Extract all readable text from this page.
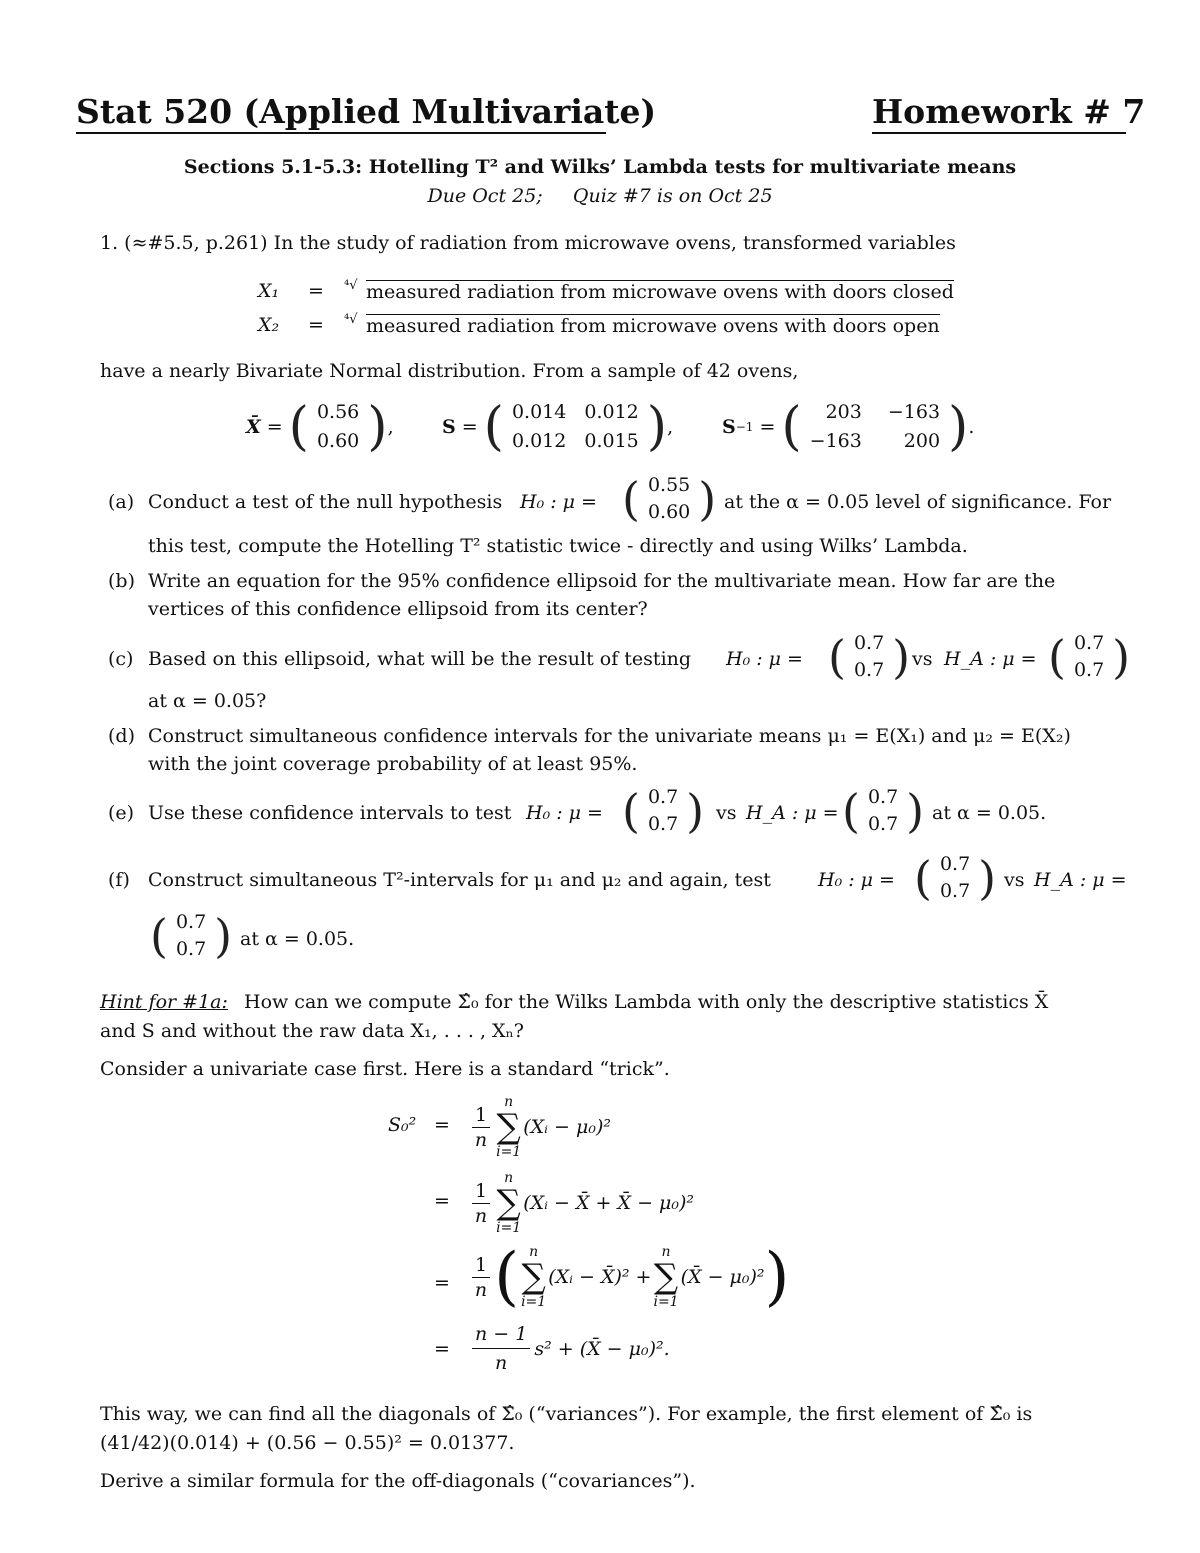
Stat 520 (Applied Multivariate)	Homework # 7
Sections 5.1-5.3: Hotelling T² and Wilks’ Lambda tests for multivariate means
Due Oct 25;     Quiz #7 is on Oct 25
1. (≈#5.5, p.261) In the study of radiation from microwave ovens, transformed variables
X₁ = ⁴√ measured radiation from microwave ovens with doors closed
X₂ = ⁴√ measured radiation from microwave ovens with doors open
have a nearly Bivariate Normal distribution. From a sample of 42 ovens,
X̄ = ( 0.56
0.60 ) ,	S = ( 0.014 0.012
0.012 0.015 ) ,	S −1 = (	203 −163
−163	200 ) .
(a) Conduct a test of the null hypothesis H₀ : μ = ( 0.55
0.60 ) at the α = 0.05 level of significance. For
this test, compute the Hotelling T² statistic twice - directly and using Wilks’ Lambda.
(b) Write an equation for the 95% confidence ellipsoid for the multivariate mean. How far are the
vertices of this confidence ellipsoid from its center?
(c) Based on this ellipsoid, what will be the result of testing H₀ : μ = ( 0.7
0.7 ) vs H_A : μ = ( 0.7
0.7 )
at α = 0.05?
(d) Construct simultaneous confidence intervals for the univariate means μ₁ = E(X₁) and μ₂ = E(X₂)
with the joint coverage probability of at least 95%.
(e) Use these confidence intervals to test H₀ : μ = ( 0.7
0.7 ) vs H_A : μ = ( 0.7
0.7 ) at α = 0.05.
(f) Construct simultaneous T²-intervals for μ₁ and μ₂ and again, test H₀ : μ = ( 0.7
0.7 ) vs H_A : μ =
( 0.7
0.7 ) at α = 0.05.
Hint for #1a: How can we compute Σ̂₀ for the Wilks Lambda with only the descriptive statistics X̄
and S and without the raw data X₁, . . . , Xₙ?
Consider a univariate case first. Here is a standard “trick”.
$S_0^2 = \frac{1}{n}$
n
∑
i=1
(Xᵢ − μ₀)²
= $\frac{1}{n}$
n
∑
i=1
(Xᵢ − X̄ + X̄ − μ₀)²
= $\frac{1}{n}$ ( n
∑
i=1
(Xᵢ − X̄)² +
n
∑
i=1
(X̄ − μ₀)² )
= $\frac{n - 1}{n} s^2$ + (X̄ − μ₀)².
This way, we can find all the diagonals of Σ̂₀ (“variances”). For example, the first element of Σ̂₀ is
(41/42)(0.014) + (0.56 − 0.55)² = 0.01377.
Derive a similar formula for the off-diagonals (“covariances”).
